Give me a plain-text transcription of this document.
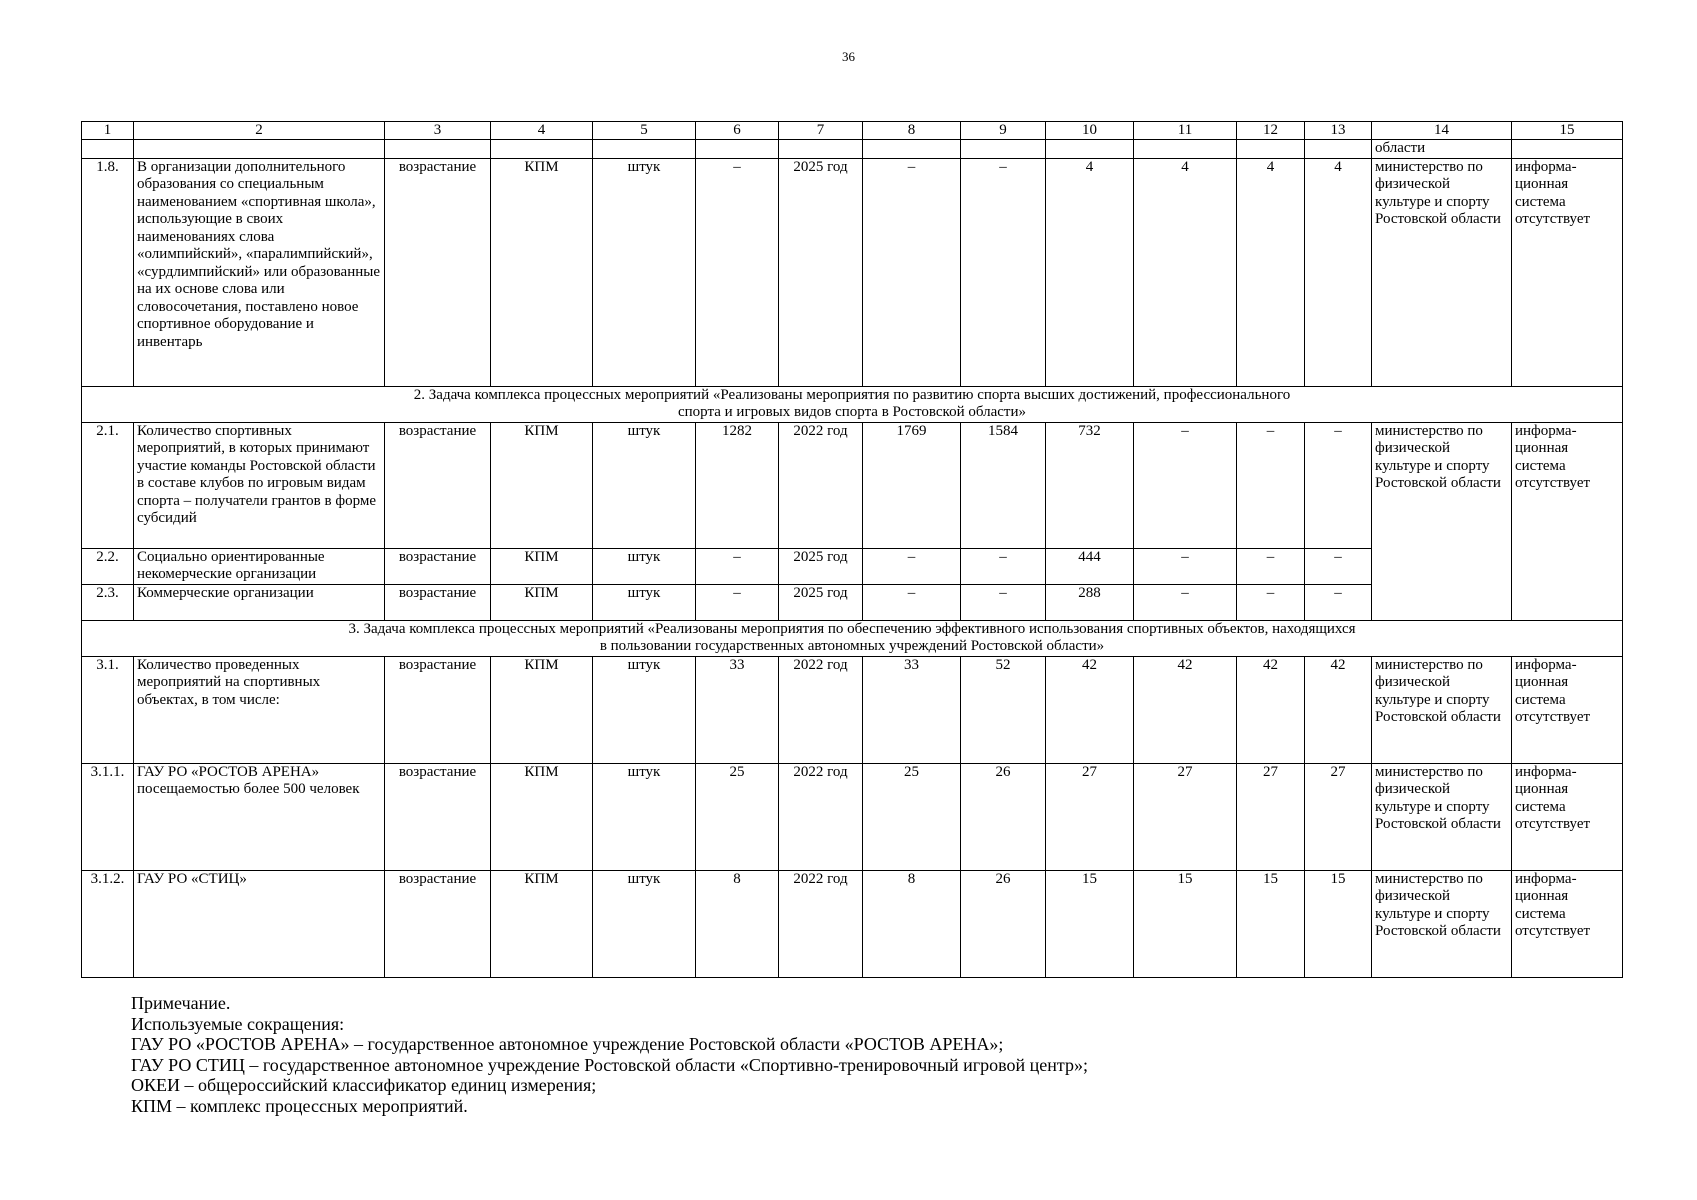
36
1	2	3	4	5	6	7	8	9	10	11	12	13	14	15
													области	
1.8.	В организации дополнительного образования со специальным наименованием «спортивная школа», использующие в своих наименованиях слова «олимпийский», «паралимпийский», «сурдлимпийский» или образованные на их основе слова или словосочетания, поставлено новое спортивное оборудование и инвентарь	возрастание	КПМ	штук	–	2025 год	–	–	4	4	4	4	министерство по физической культуре и спорту Ростовской области	информа-ционная система отсутствует

2. Задача комплекса процессных мероприятий «Реализованы мероприятия по развитию спорта высших достижений, профессионального спорта и игровых видов спорта в Ростовской области»														

2.1.	Количество спортивных мероприятий, в которых принимают участие команды Ростовской области в составе клубов по игровым видам спорта – получатели грантов в форме субсидий	возрастание	КПМ	штук	1282	2022 год	1769	1584	732	–	–	–	министерство по физической культуре и спорту Ростовской области	информа-ционная система отсутствует
2.2.	Социально ориентированные некомерческие организации	возрастание	КПМ	штук	–	2025 год	–	–	444	–	–	–		
2.3.	Коммерческие организации	возрастание	КПМ	штук	–	2025 год	–	–	288	–	–	–		

3. Задача комплекса процессных мероприятий «Реализованы мероприятия по обеспечению эффективного использования спортивных объектов, находящихся в пользовании государственных автономных учреждений Ростовской области»														

3.1.	Количество проведенных мероприятий на спортивных объектах, в том числе:	возрастание	КПМ	штук	33	2022 год	33	52	42	42	42	42	министерство по физической культуре и спорту Ростовской области	информа-ционная система отсутствует
3.1.1.	ГАУ РО «РОСТОВ АРЕНА» посещаемостью более 500 человек	возрастание	КПМ	штук	25	2022 год	25	26	27	27	27	27	министерство по физической культуре и спорту Ростовской области	информа-ционная система отсутствует
3.1.2.	ГАУ РО «СТИЦ»	возрастание	КПМ	штук	8	2022 год	8	26	15	15	15	15	министерство по физической культуре и спорту Ростовской области	информа-ционная система отсутствует
Примечание.
Используемые сокращения:
ГАУ РО «РОСТОВ АРЕНА» – государственное автономное учреждение Ростовской области «РОСТОВ АРЕНА»;
ГАУ РО СТИЦ – государственное автономное учреждение Ростовской области «Спортивно-тренировочный игровой центр»;
ОКЕИ – общероссийский классификатор единиц измерения;
КПМ – комплекс процессных мероприятий.
